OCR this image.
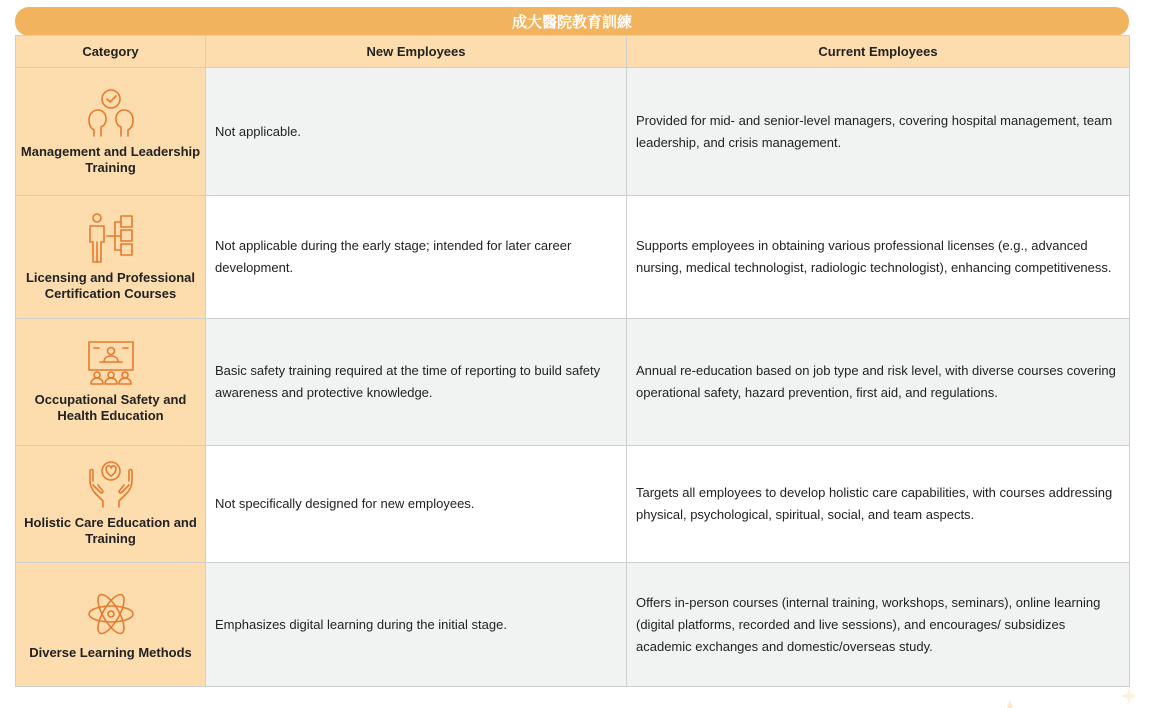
成大醫院教育訓練
Category	New Employees	Current Employees

Management and Leadership Training	Not applicable.	Provided for mid- and senior-level managers, covering hospital management, team leadership, and crisis management.

Licensing and Professional Certification Courses	Not applicable during the early stage; intended for later career development.	Supports employees in obtaining various professional licenses (e.g., advanced nursing, medical technologist, radiologic technologist), enhancing competitiveness.

Occupational Safety and Health Education	Basic safety training required at the time of reporting to build safety awareness and protective knowledge.	Annual re-education based on job type and risk level, with diverse courses covering operational safety, hazard prevention, first aid, and regulations.

Holistic Care Education and Training	Not specifically designed for new employees.	Targets all employees to develop holistic care capabilities, with courses addressing physical, psychological, spiritual, social, and team aspects.

Diverse Learning Methods	Emphasizes digital learning during the initial stage.	Offers in-person courses (internal training, workshops, seminars), online learning (digital platforms, recorded and live sessions), and encourages/ subsidizes academic exchanges and domestic/overseas study.
